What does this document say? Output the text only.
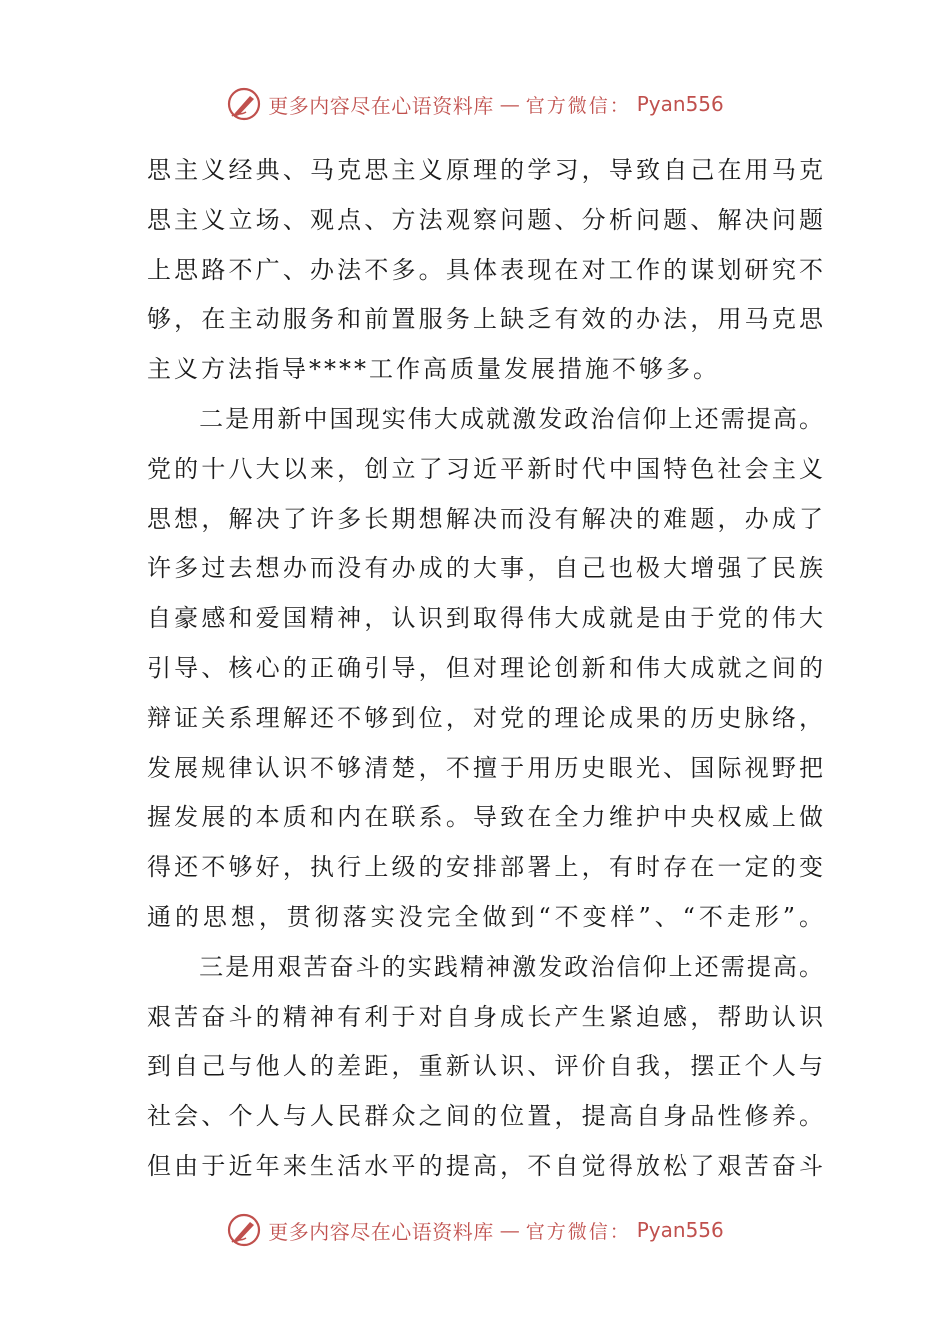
更多内容尽在心语资料库 — 官方微信： Pyan556
思主义经典、马克思主义原理的学习，导致自己在用马克
思主义立场、观点、方法观察问题、分析问题、解决问题
上思路不广、办法不多。具体表现在对工作的谋划研究不
够，在主动服务和前置服务上缺乏有效的办法，用马克思
主义方法指导****工作高质量发展措施不够多。
　　二是用新中国现实伟大成就激发政治信仰上还需提高。
党的十八大以来，创立了习近平新时代中国特色社会主义
思想，解决了许多长期想解决而没有解决的难题，办成了
许多过去想办而没有办成的大事，自己也极大增强了民族
自豪感和爱国精神，认识到取得伟大成就是由于党的伟大
引导、核心的正确引导，但对理论创新和伟大成就之间的
辩证关系理解还不够到位，对党的理论成果的历史脉络，
发展规律认识不够清楚，不擅于用历史眼光、国际视野把
握发展的本质和内在联系。导致在全力维护中央权威上做
得还不够好，执行上级的安排部署上，有时存在一定的变
通的思想，贯彻落实没完全做到“不变样”、“不走形”。
　　三是用艰苦奋斗的实践精神激发政治信仰上还需提高。
艰苦奋斗的精神有利于对自身成长产生紧迫感，帮助认识
到自己与他人的差距，重新认识、评价自我，摆正个人与
社会、个人与人民群众之间的位置，提高自身品性修养。
但由于近年来生活水平的提高，不自觉得放松了艰苦奋斗
更多内容尽在心语资料库 — 官方微信： Pyan556
